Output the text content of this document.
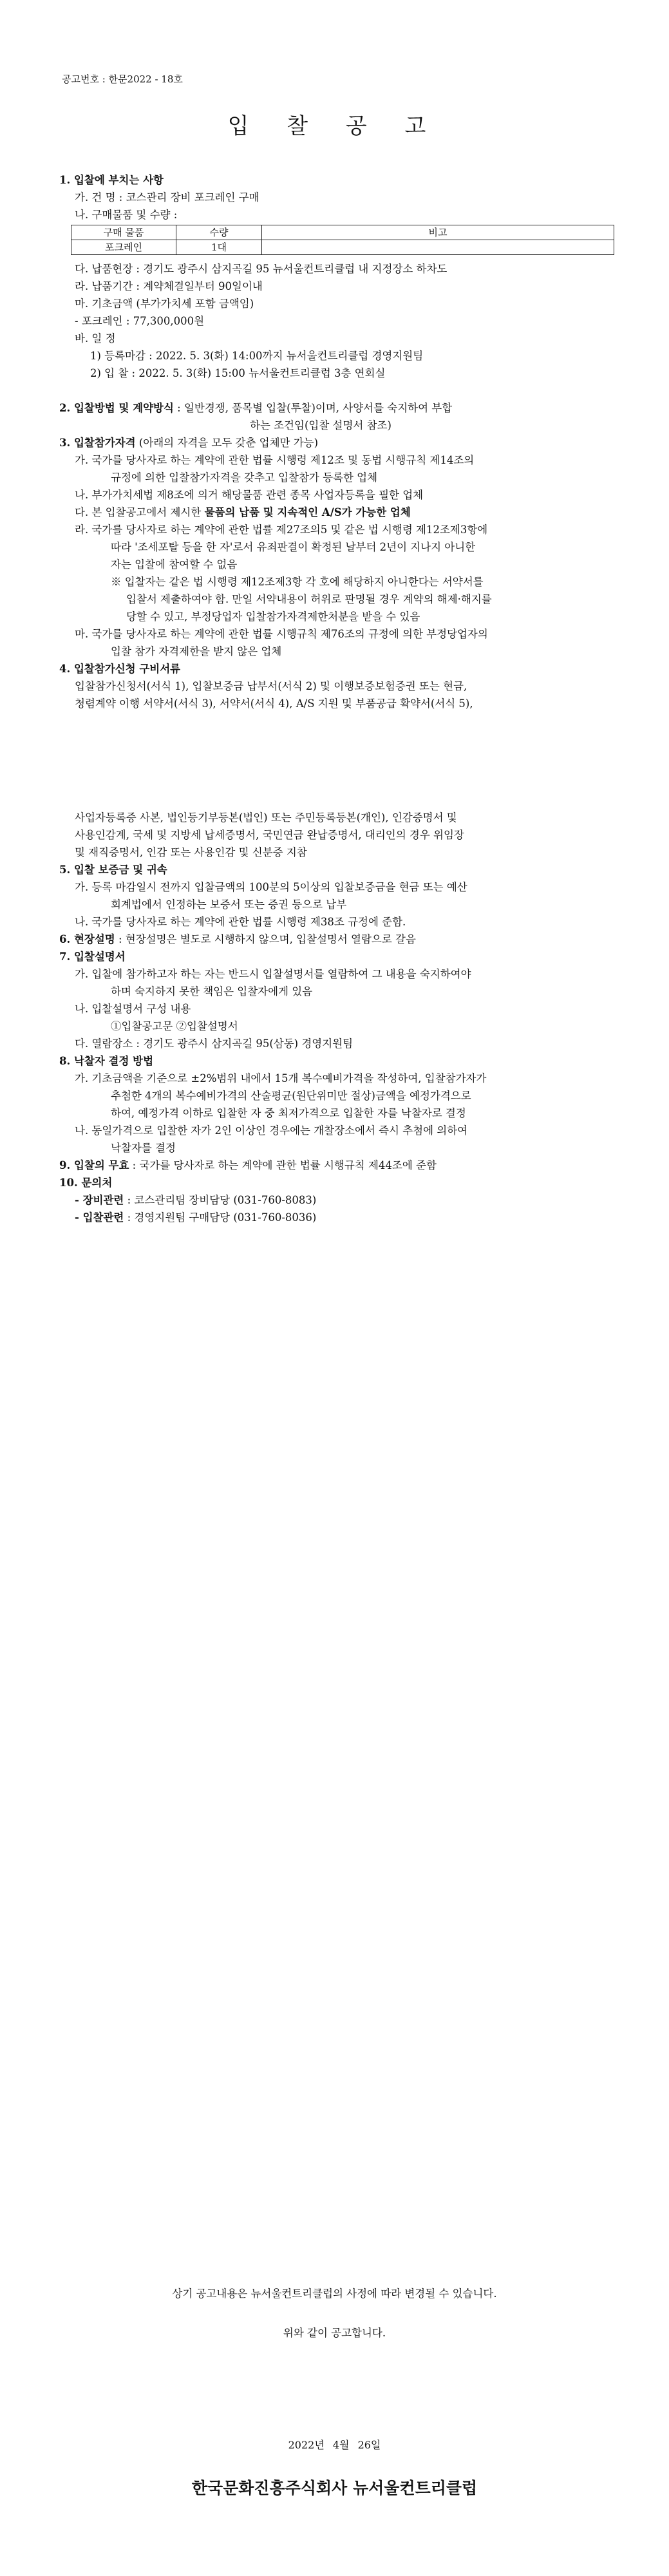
공고번호 : 한문2022 - 18호
입 찰 공 고
1. 입찰에 부치는 사항
가. 건 명 : 코스관리 장비 포크레인 구매
나. 구매물품 및 수량 :
구매 물품	수량	비고
포크레인	1대	
다. 납품현장 : 경기도 광주시 삼지곡길 95 뉴서울컨트리클럽 내 지정장소 하차도
라. 납품기간 : 계약체결일부터 90일이내
마. 기초금액 (부가가치세 포함 금액임)
- 포크레인 : 77,300,000원
바. 일 정
1) 등록마감 : 2022. 5. 3(화) 14:00까지 뉴서울컨트리클럽 경영지원팀
2) 입 찰 : 2022. 5. 3(화) 15:00 뉴서울컨트리클럽 3층 연회실
2. 입찰방법 및 계약방식 : 일반경쟁, 품목별 입찰(투찰)이며, 사양서를 숙지하여 부합
하는 조건임(입찰 설명서 참조)
3. 입찰참가자격 (아래의 자격을 모두 갖춘 업체만 가능)
가. 국가를 당사자로 하는 계약에 관한 법률 시행령 제12조 및 동법 시행규칙 제14조의
규정에 의한 입찰참가자격을 갖추고 입찰참가 등록한 업체
나. 부가가치세법 제8조에 의거 해당물품 관련 종목 사업자등록을 필한 업체
다. 본 입찰공고에서 제시한 물품의 납품 및 지속적인 A/S가 가능한 업체
라. 국가를 당사자로 하는 계약에 관한 법률 제27조의5 및 같은 법 시행령 제12조제3항에
따라 '조세포탈 등을 한 자'로서 유죄판결이 확정된 날부터 2년이 지나지 아니한
자는 입찰에 참여할 수 없음
※ 입찰자는 같은 법 시행령 제12조제3항 각 호에 해당하지 아니한다는 서약서를
입찰서 제출하여야 함. 만일 서약내용이 허위로 판명될 경우 계약의 해제·해지를
당할 수 있고, 부정당업자 입찰참가자격제한처분을 받을 수 있음
마. 국가를 당사자로 하는 계약에 관한 법률 시행규칙 제76조의 규정에 의한 부정당업자의
입찰 참가 자격제한을 받지 않은 업체
4. 입찰참가신청 구비서류
입찰참가신청서(서식 1), 입찰보증금 납부서(서식 2) 및 이행보증보험증권 또는 현금,
청렴계약 이행 서약서(서식 3), 서약서(서식 4), A/S 지원 및 부품공급 확약서(서식 5),
사업자등록증 사본, 법인등기부등본(법인) 또는 주민등록등본(개인), 인감증명서 및
사용인감계, 국세 및 지방세 납세증명서, 국민연금 완납증명서, 대리인의 경우 위임장
및 재직증명서, 인감 또는 사용인감 및 신분증 지참
5. 입찰 보증금 및 귀속
가. 등록 마감일시 전까지 입찰금액의 100분의 5이상의 입찰보증금을 현금 또는 예산
회계법에서 인정하는 보증서 또는 증권 등으로 납부
나. 국가를 당사자로 하는 계약에 관한 법률 시행령 제38조 규정에 준함.
6. 현장설명 : 현장설명은 별도로 시행하지 않으며, 입찰설명서 열람으로 갈음
7. 입찰설명서
가. 입찰에 참가하고자 하는 자는 반드시 입찰설명서를 열람하여 그 내용을 숙지하여야
하며 숙지하지 못한 책임은 입찰자에게 있음
나. 입찰설명서 구성 내용
①입찰공고문 ②입찰설명서
다. 열람장소 : 경기도 광주시 삼지곡길 95(삼동) 경영지원팀
8. 낙찰자 결정 방법
가. 기초금액을 기준으로 ±2%범위 내에서 15개 복수예비가격을 작성하여, 입찰참가자가
추첨한 4개의 복수예비가격의 산술평균(원단위미만 절상)금액을 예정가격으로
하여, 예정가격 이하로 입찰한 자 중 최저가격으로 입찰한 자를 낙찰자로 결정
나. 동일가격으로 입찰한 자가 2인 이상인 경우에는 개찰장소에서 즉시 추첨에 의하여
낙찰자를 결정
9. 입찰의 무효 : 국가를 당사자로 하는 계약에 관한 법률 시행규칙 제44조에 준함
10. 문의처
- 장비관련 : 코스관리팀 장비담당 (031-760-8083)
- 입찰관련 : 경영지원팀 구매담당 (031-760-8036)
상기 공고내용은 뉴서울컨트리클럽의 사정에 따라 변경될 수 있습니다.
위와 같이 공고합니다.
2022년 4월 26일
한국문화진흥주식회사 뉴서울컨트리클럽
